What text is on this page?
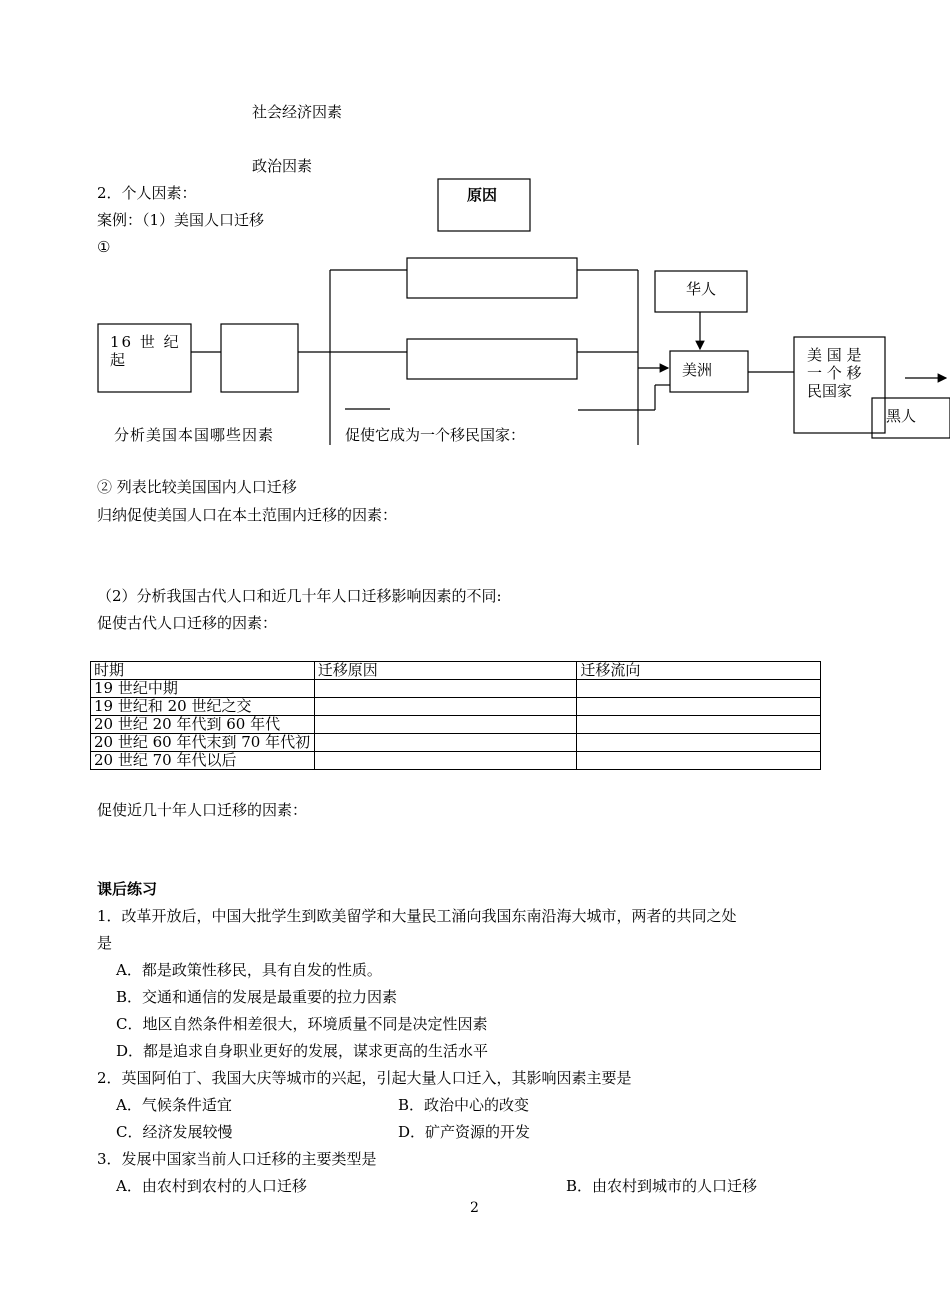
社会经济因素
政治因素
2．个人因素：
案例：（1）美国人口迁移
①
原因
16 世 纪 起
华人
美洲
美 国 是 一 个 移 民国家
黑人
分析美国本国哪些因素	促使它成为一个移民国家：
② 列表比较美国国内人口迁移
归纳促使美国人口在本土范围内迁移的因素：
（2）分析我国古代人口和近几十年人口迁移影响因素的不同:
促使古代人口迁移的因素：
时期	迁移原因	迁移流向
19 世纪中期		
19 世纪和 20 世纪之交		
20 世纪 20 年代到 60 年代		
20 世纪 60 年代末到 70 年代初		
20 世纪 70 年代以后		
促使近几十年人口迁移的因素：
课后练习
1．改革开放后，中国大批学生到欧美留学和大量民工涌向我国东南沿海大城市，两者的共同之处
是
A．都是政策性移民，具有自发的性质。
B．交通和通信的发展是最重要的拉力因素
C．地区自然条件相差很大，环境质量不同是决定性因素
D．都是追求自身职业更好的发展，谋求更高的生活水平
2．英国阿伯丁、我国大庆等城市的兴起，引起大量人口迁入，其影响因素主要是
A．气候条件适宜	B．政治中心的改变
C．经济发展较慢	D．矿产资源的开发
3．发展中国家当前人口迁移的主要类型是
A．由农村到农村的人口迁移	B．由农村到城市的人口迁移
2
